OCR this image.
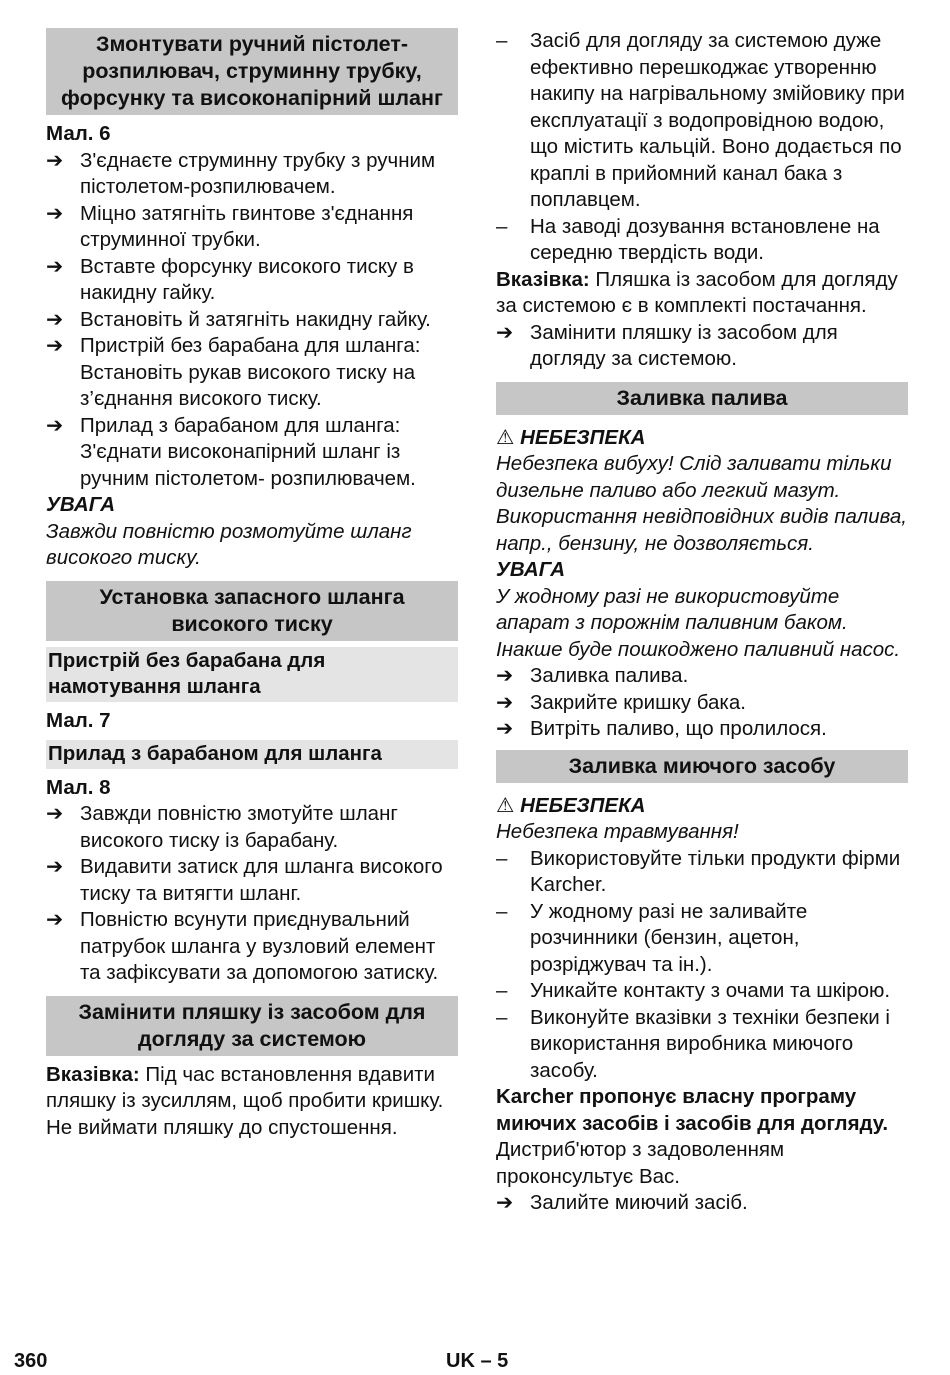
Змонтувати ручний пістолет-розпилювач, струминну трубку, форсунку та високонапірний шланг
Мал. 6
➔ З'єднаєте струминну трубку з ручним пістолетом-розпилювачем.
➔ Міцно затягніть гвинтове з'єднання струминної трубки.
➔ Вставте форсунку високого тиску в накидну гайку.
➔ Встановіть й затягніть накидну гайку.
➔ Пристрій без барабана для шланга: Встановіть рукав високого тиску на з’єднання високого тиску.
➔ Прилад з барабаном для шланга: З'єднати високонапірний шланг із ручним пістолетом- розпилювачем.
УВАГА
Завжди повністю розмотуйте шланг високого тиску.
Установка запасного шланга високого тиску
Пристрій без барабана для намотування шланга
Мал. 7
Прилад з барабаном для шланга
Мал. 8
➔ Завжди повністю змотуйте шланг високого тиску із барабану.
➔ Видавити затиск для шланга високого тиску та витягти шланг.
➔ Повністю всунути приєднувальний патрубок шланга у вузловий елемент та зафіксувати за допомогою затиску.
Замінити пляшку із засобом для догляду за системою
Вказівка: Під час встановлення вдавити пляшку із зусиллям, щоб пробити кришку. Не виймати пляшку до спустошення.
–	Засіб для догляду за системою дуже ефективно перешкоджає утворенню накипу на нагрівальному змійовику при експлуатації з водопровідною водою, що містить кальцій. Воно додається по краплі в прийомний канал бака з поплавцем.
–	На заводі дозування встановлене на середню твердість води.
Вказівка: Пляшка із засобом для догляду за системою є в комплекті постачання.
➔ Замінити пляшку із засобом для догляду за системою.
Заливка палива
⚠ НЕБЕЗПЕКА
Небезпека вибуху! Слід заливати тільки дизельне паливо або легкий мазут. Використання невідповідних видів палива, напр., бензину, не дозволяється.
УВАГА
У жодному разі не використовуйте апарат з порожнім паливним баком. Інакше буде пошкоджено паливний насос.
➔ Заливка палива.
➔ Закрийте кришку бака.
➔ Витріть паливо, що пролилося.
Заливка миючого засобу
⚠ НЕБЕЗПЕКА
Небезпека травмування!
–	Використовуйте тільки продукти фірми Karcher.
–	У жодному разі не заливайте розчинники (бензин, ацетон, розріджувач та ін.).
–	Уникайте контакту з очами та шкірою.
–	Виконуйте вказівки з техніки безпеки і використання виробника миючого засобу.
Karcher пропонує власну програму миючих засобів і засобів для догляду.
Дистриб'ютор з задоволенням проконсультує Вас.
➔ Залийте миючий засіб.
360	UK – 5
